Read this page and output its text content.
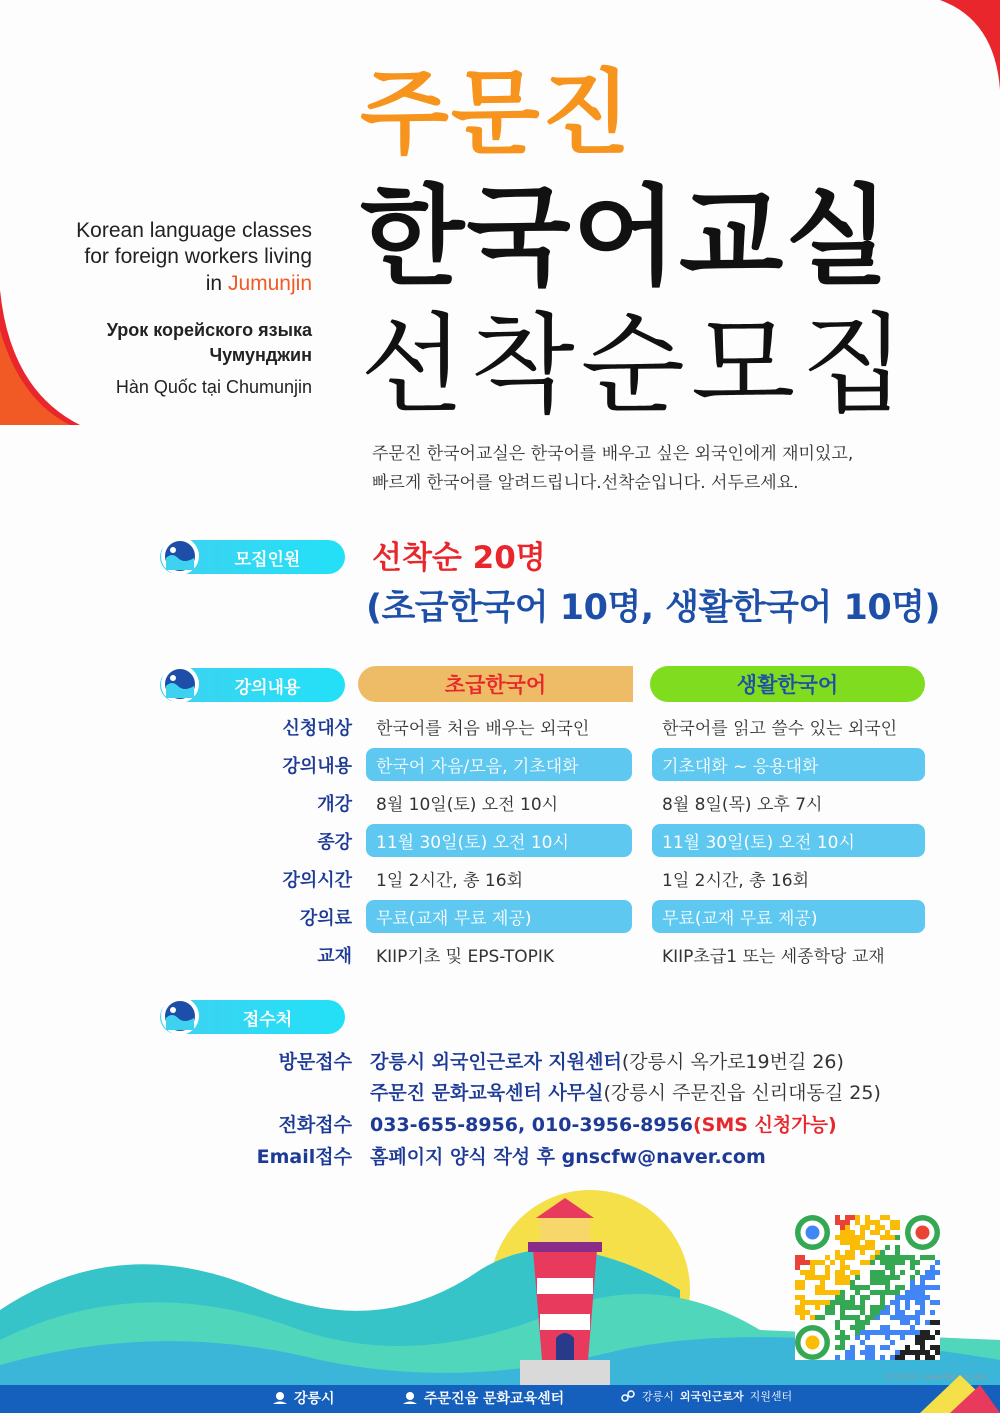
주문진
한국어교실
선착순모집
Korean language classes
for foreign workers living
in Jumunjin
Урок корейского языка
Чумунджин
Hàn Quốc tại Chumunjin
주문진 한국어교실은 한국어를 배우고 싶은 외국인에게 재미있고,
빠르게 한국어를 알려드립니다.선착순입니다. 서두르세요.
모집인원 선착순 20명
(초급한국어 10명, 생활한국어 10명)
강의내용	초급한국어	생활한국어
신청대상	한국어를 처음 배우는 외국인	한국어를 읽고 쓸수 있는 외국인
강의내용	한국어 자음/모음, 기초대화	기초대화 ~ 응용대화
개강	8월 10일(토) 오전 10시	8월 8일(목) 오후 7시
종강	11월 30일(토) 오전 10시	11월 30일(토) 오전 10시
강의시간	1일 2시간, 총 16회	1일 2시간, 총 16회
강의료	무료(교재 무료 제공)	무료(교재 무료 제공)
교재	KIIP기초 및 EPS-TOPIK	KIIP초급1 또는 세종학당 교재
접수처
방문접수 강릉시 외국인근로자 지원센터(강릉시 옥가로19번길 26)
주문진 문화교육센터 사무실(강릉시 주문진읍 신리대동길 25)
전화접수 033-655-8956, 010-3956-8956(SMS 신청가능)
Email접수 홈페이지 양식 작성 후 gnscfw@naver.com
이미지출처 : www.flaticon.com
강릉시	주문진읍 문화교육센터	강릉시 외국인근로자 지원센터
